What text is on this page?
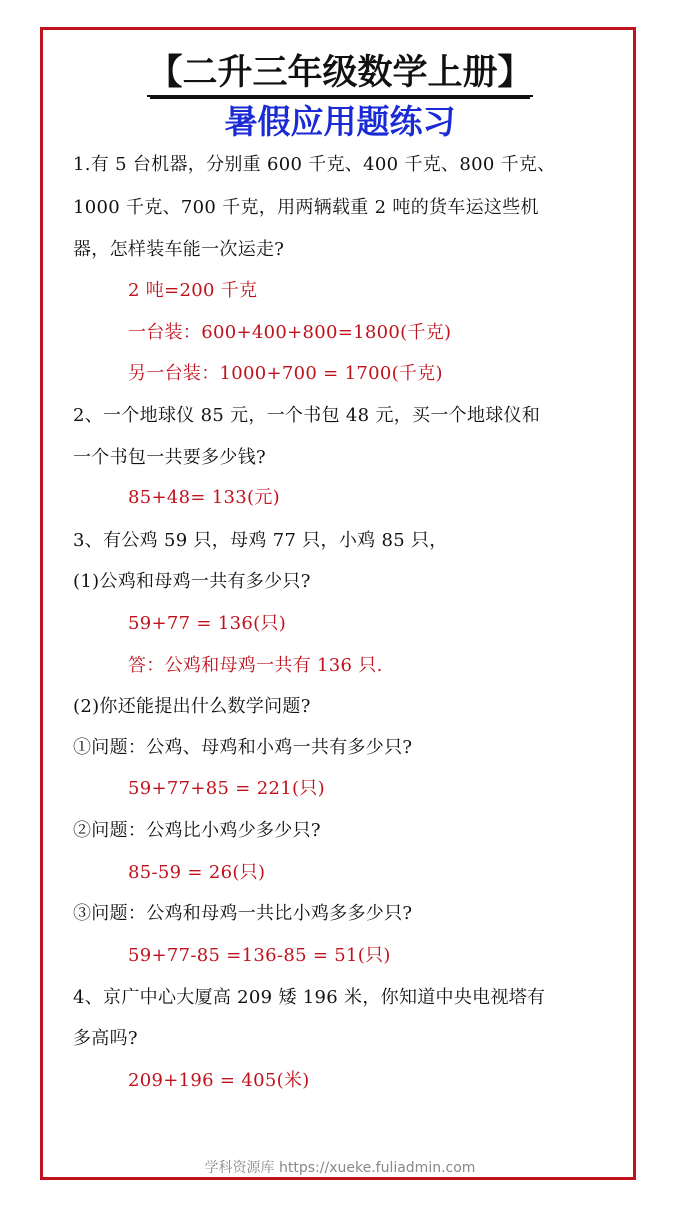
【二升三年级数学上册】
暑假应用题练习
1.有 5 台机器，分别重 600 千克、400 千克、800 千克、
1000 千克、700 千克，用两辆载重 2 吨的货车运这些机
器，怎样装车能一次运走?
2 吨=200 千克
一台装：600+400+800=1800(千克)
另一台装：1000+700 = 1700(千克)
2、一个地球仪 85 元，一个书包 48 元，买一个地球仪和
一个书包一共要多少钱?
85+48= 133(元)
3、有公鸡 59 只，母鸡 77 只，小鸡 85 只，
(1)公鸡和母鸡一共有多少只?
59+77 = 136(只)
答：公鸡和母鸡一共有 136 只.
(2)你还能提出什么数学问题?
①问题：公鸡、母鸡和小鸡一共有多少只?
59+77+85 = 221(只)
②问题：公鸡比小鸡少多少只?
85-59 = 26(只)
③问题：公鸡和母鸡一共比小鸡多多少只?
59+77-85 =136-85 = 51(只)
4、京广中心大厦高 209 矮 196 米，你知道中央电视塔有
多高吗?
209+196 = 405(米)
学科资源库 https://xueke.fuliadmin.com
